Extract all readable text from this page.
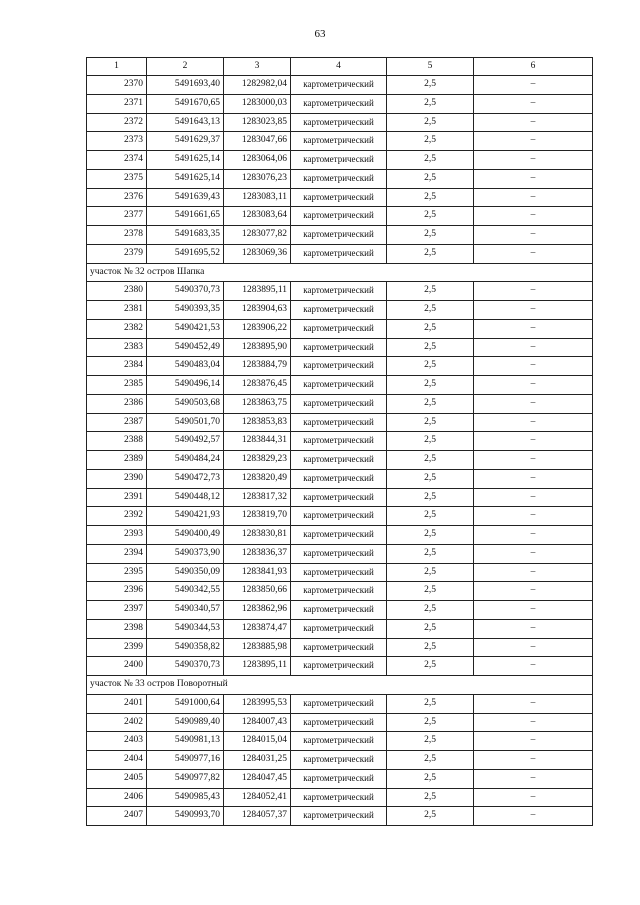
63
1	2	3	4	5	6
2370	5491693,40	1282982,04	картометрический	2,5	–
2371	5491670,65	1283000,03	картометрический	2,5	–
2372	5491643,13	1283023,85	картометрический	2,5	–
2373	5491629,37	1283047,66	картометрический	2,5	–
2374	5491625,14	1283064,06	картометрический	2,5	–
2375	5491625,14	1283076,23	картометрический	2,5	–
2376	5491639,43	1283083,11	картометрический	2,5	–
2377	5491661,65	1283083,64	картометрический	2,5	–
2378	5491683,35	1283077,82	картометрический	2,5	–
2379	5491695,52	1283069,36	картометрический	2,5	–
участок № 32 остров Шапка					
2380	5490370,73	1283895,11	картометрический	2,5	–
2381	5490393,35	1283904,63	картометрический	2,5	–
2382	5490421,53	1283906,22	картометрический	2,5	–
2383	5490452,49	1283895,90	картометрический	2,5	–
2384	5490483,04	1283884,79	картометрический	2,5	–
2385	5490496,14	1283876,45	картометрический	2,5	–
2386	5490503,68	1283863,75	картометрический	2,5	–
2387	5490501,70	1283853,83	картометрический	2,5	–
2388	5490492,57	1283844,31	картометрический	2,5	–
2389	5490484,24	1283829,23	картометрический	2,5	–
2390	5490472,73	1283820,49	картометрический	2,5	–
2391	5490448,12	1283817,32	картометрический	2,5	–
2392	5490421,93	1283819,70	картометрический	2,5	–
2393	5490400,49	1283830,81	картометрический	2,5	–
2394	5490373,90	1283836,37	картометрический	2,5	–
2395	5490350,09	1283841,93	картометрический	2,5	–
2396	5490342,55	1283850,66	картометрический	2,5	–
2397	5490340,57	1283862,96	картометрический	2,5	–
2398	5490344,53	1283874,47	картометрический	2,5	–
2399	5490358,82	1283885,98	картометрический	2,5	–
2400	5490370,73	1283895,11	картометрический	2,5	–
участок № 33 остров Поворотный					
2401	5491000,64	1283995,53	картометрический	2,5	–
2402	5490989,40	1284007,43	картометрический	2,5	–
2403	5490981,13	1284015,04	картометрический	2,5	–
2404	5490977,16	1284031,25	картометрический	2,5	–
2405	5490977,82	1284047,45	картометрический	2,5	–
2406	5490985,43	1284052,41	картометрический	2,5	–
2407	5490993,70	1284057,37	картометрический	2,5	–
